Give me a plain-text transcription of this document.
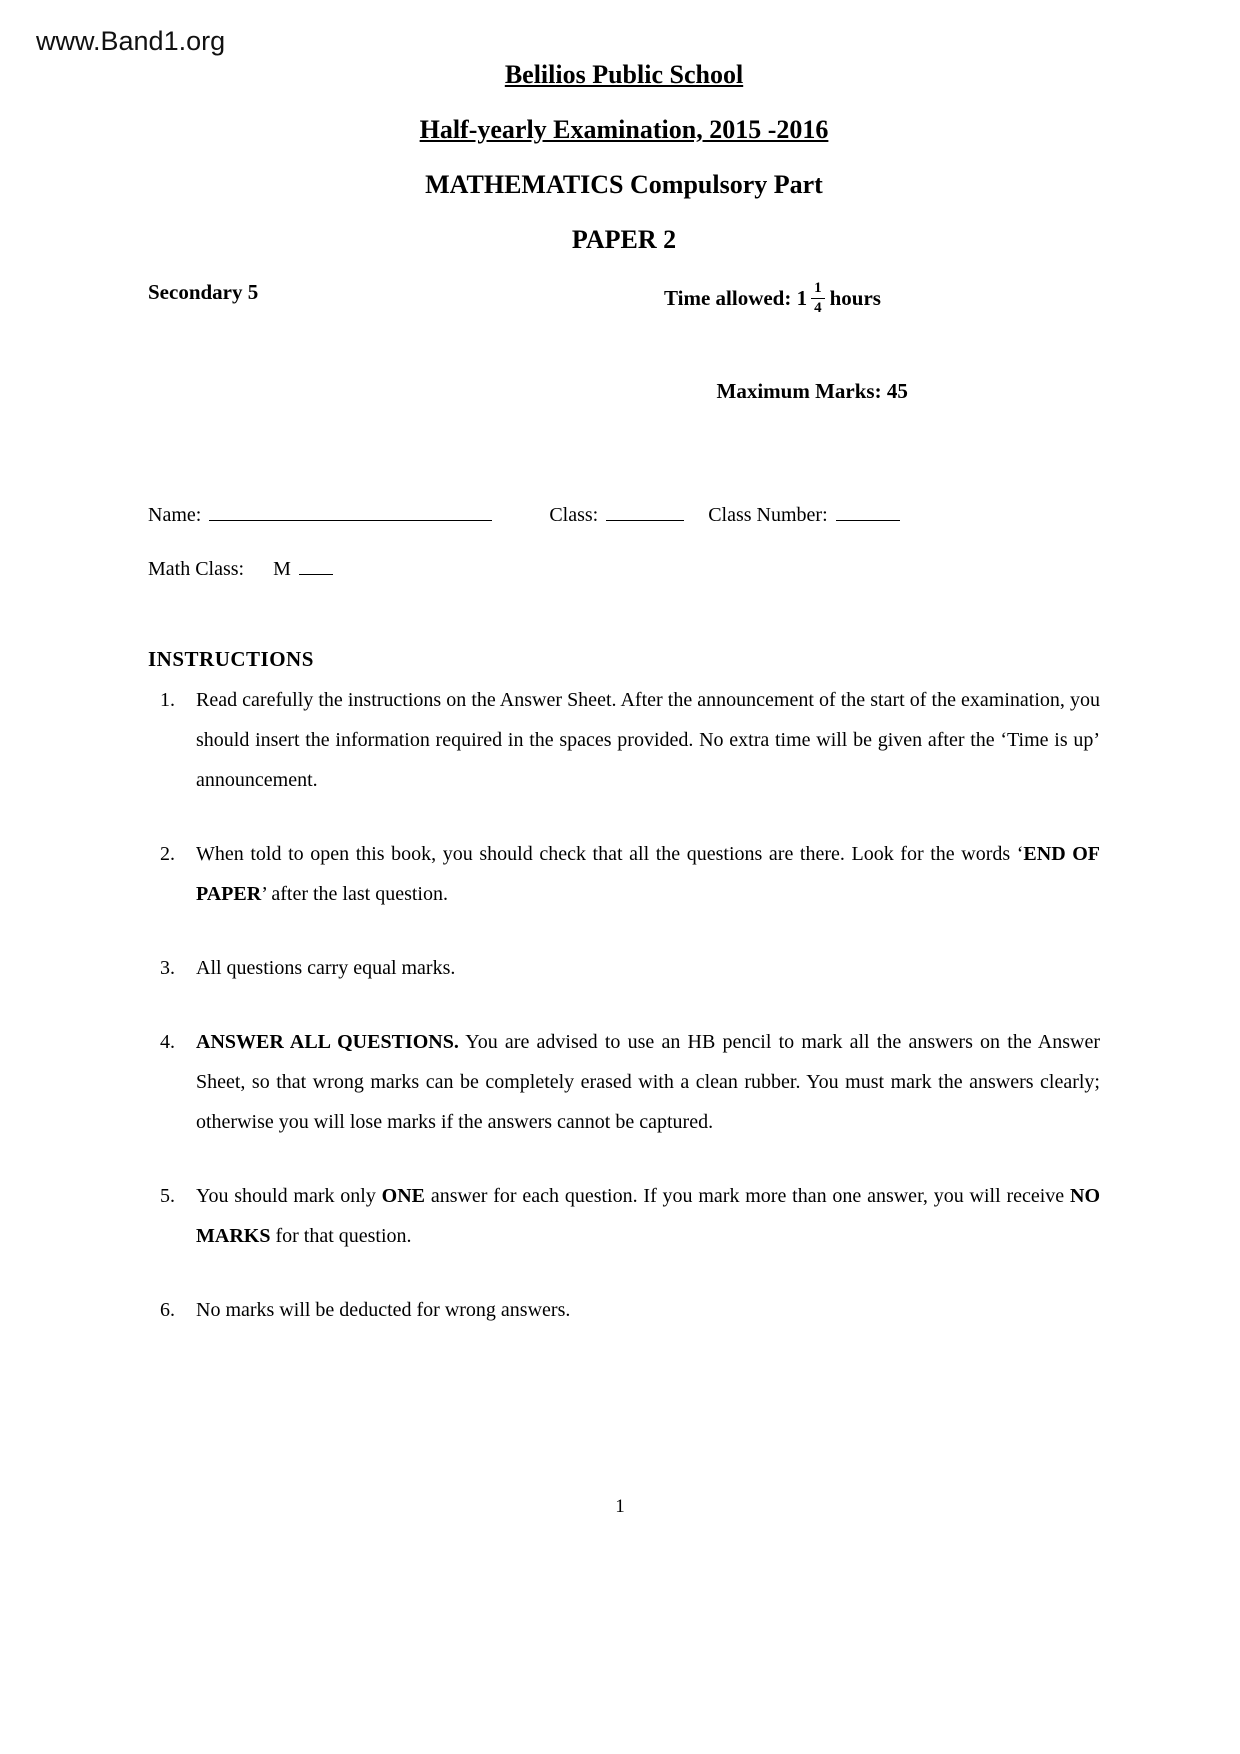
www.Band1.org
Belilios Public School
Half-yearly Examination, 2015 -2016
MATHEMATICS Compulsory Part
PAPER 2
Secondary 5	Time allowed: $1 \frac{1}{4}$ hours

Maximum Marks: 45

Name:	Class:	Class Number:
Math Class: M
INSTRUCTIONS
1.	Read carefully the instructions on the Answer Sheet. After the announcement of the start of the examination, you should insert the information required in the spaces provided. No extra time will be given after the ‘Time is up’ announcement.
2.	When told to open this book, you should check that all the questions are there. Look for the words ‘END OF PAPER’ after the last question.
3.	All questions carry equal marks.
4.	ANSWER ALL QUESTIONS. You are advised to use an HB pencil to mark all the answers on the Answer Sheet, so that wrong marks can be completely erased with a clean rubber. You must mark the answers clearly; otherwise you will lose marks if the answers cannot be captured.
5.	You should mark only ONE answer for each question. If you mark more than one answer, you will receive NO MARKS for that question.
6.	No marks will be deducted for wrong answers.
1
